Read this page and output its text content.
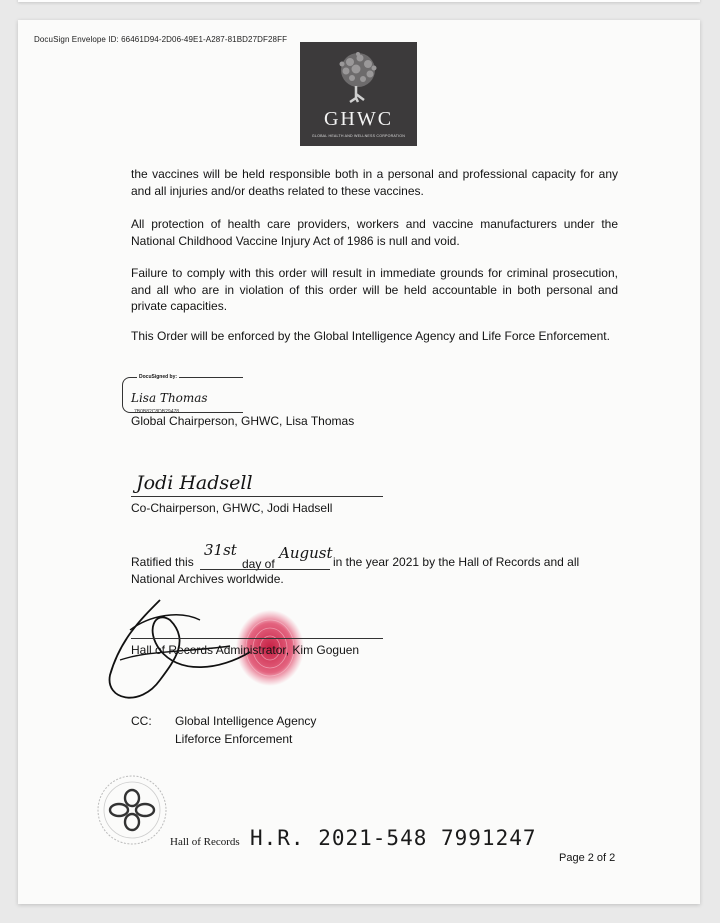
DocuSign Envelope ID: 66461D94-2D06-49E1-A287-81BD27DF28FF
GHWC
GLOBAL HEALTH AND WELLNESS CORPORATION
the vaccines will be held responsible both in a personal and professional capacity for any and all injuries and/or deaths related to these vaccines.
All protection of health care providers, workers and vaccine manufacturers under the National Childhood Vaccine Injury Act of 1986 is null and void.
Failure to comply with this order will result in immediate grounds for criminal prosecution, and all who are in violation of this order will be held accountable in both personal and private capacities.
This Order will be enforced by the Global Intelligence Agency and Life Force Enforcement.
DocuSigned by:
Lisa Thomas
7B0B82C8DB29478...
Global Chairperson, GHWC, Lisa Thomas
Jodi Hadsell
Co-Chairperson, GHWC, Jodi Hadsell
Ratified this
31st
day of
August in the year 2021 by the Hall of Records and all
National Archives worldwide.
Hall of Records Administrator, Kim Goguen
CC: Global Intelligence Agency
Lifeforce Enforcement
Hall of Records H.R. 2021-548 7991247
Page 2 of 2
